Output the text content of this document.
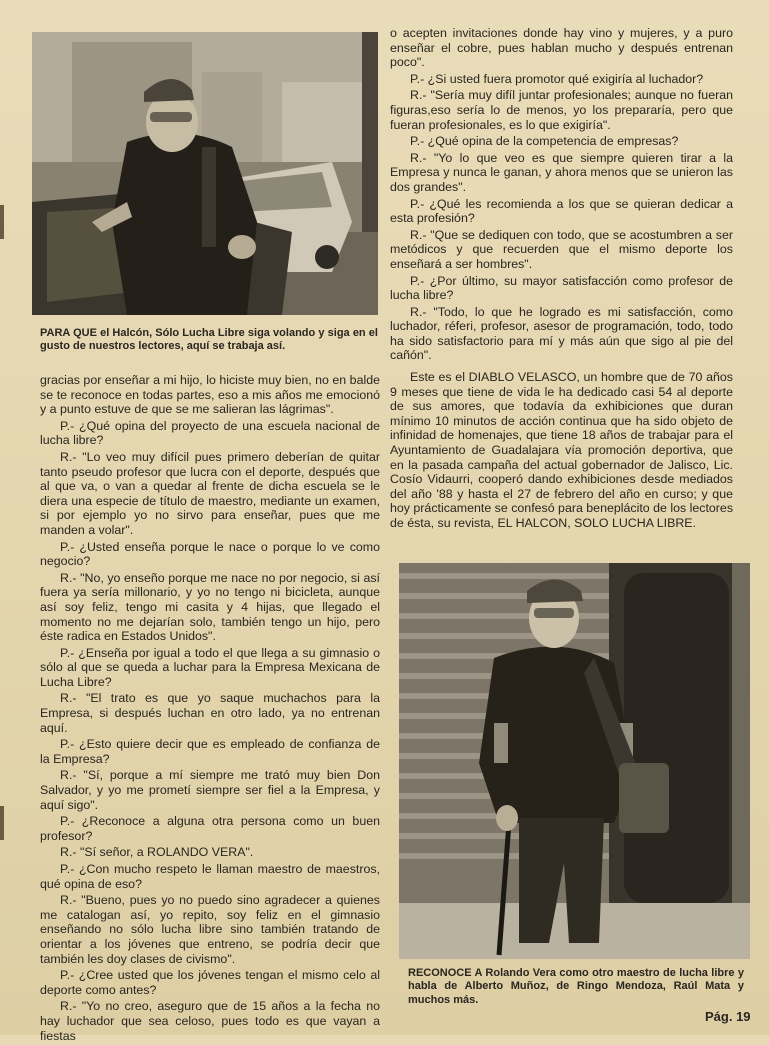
PARA QUE el Halcón, Sólo Lucha Libre siga volando y siga en el gusto de nuestros lectores, aquí se trabaja así.

gracias por enseñar a mi hijo, lo hiciste muy bien, no en balde se te reconoce en todas partes, eso a mis años me emocionó y a punto estuve de que se me salieran las lágrimas".

P.- ¿Qué opina del proyecto de una escuela nacional de lucha libre?

R.- "Lo veo muy difícil pues primero deberían de quitar tanto pseudo profesor que lucra con el deporte, después que al que va, o van a quedar al frente de dicha escuela se le diera una especie de título de maestro, mediante un examen, si por ejemplo yo no sirvo para enseñar, pues que me manden a volar".

P.- ¿Usted enseña porque le nace o porque lo ve como negocio?

R.- "No, yo enseño porque me nace no por negocio, si así fuera ya sería millonario, y yo no tengo ni bicicleta, aunque así soy feliz, tengo mi casita y 4 hijas, que llegado el momento no me dejarían solo, también tengo un hijo, pero éste radica en Estados Unidos".

P.- ¿Enseña por igual a todo el que llega a su gimnasio o sólo al que se queda a luchar para la Empresa Mexicana de Lucha Libre?

R.- "El trato es que yo saque muchachos para la Empresa, si después luchan en otro lado, ya no entrenan aquí.

P.- ¿Esto quiere decir que es empleado de confianza de la Empresa?

R.- "Sí, porque a mí siempre me trató muy bien Don Salvador, y yo me prometí siempre ser fiel a la Empresa, y aquí sigo".

P.- ¿Reconoce a alguna otra persona como un buen profesor?

R.- "Sí señor, a ROLANDO VERA".

P.- ¿Con mucho respeto le llaman maestro de maestros, qué opina de eso?

R.- "Bueno, pues yo no puedo sino agradecer a quienes me catalogan así, yo repito, soy feliz en el gimnasio enseñando no sólo lucha libre sino también tratando de orientar a los jóvenes que entreno, se podría decir que también les doy clases de civismo".

P.- ¿Cree usted que los jóvenes tengan el mismo celo al deporte como antes?

R.- "Yo no creo, aseguro que de 15 años a la fecha no hay luchador que sea celoso, pues todo es que vayan a fiestas

o acepten invitaciones donde hay vino y mujeres, y a puro enseñar el cobre, pues hablan mucho y después entrenan poco".

P.- ¿Si usted fuera promotor qué exigiría al luchador?

R.- "Sería muy difíl juntar profesionales; aunque no fueran figuras,eso sería lo de menos, yo los prepararía, pero que fueran profesionales, es lo que exigiría".

P.- ¿Qué opina de la competencia de empresas?

R.- "Yo lo que veo es que siempre quieren tirar a la Empresa y nunca le ganan, y ahora menos que se unieron las dos grandes".

P.- ¿Qué les recomienda a los que se quieran dedicar a esta profesión?

R.- "Que se dediquen con todo, que se acostumbren a ser metódicos y que recuerden que el mismo deporte los enseñará a ser hombres".

P.- ¿Por último, su mayor satisfacción como profesor de lucha libre?

R.- "Todo, lo que he logrado es mi satisfacción, como luchador, réferi, profesor, asesor de programación, todo, todo ha sido satisfactorio para mí y más aún que sigo al pie del cañón".

Este es el DIABLO VELASCO, un hombre que de 70 años 9 meses que tiene de vida le ha dedicado casi 54 al deporte de sus amores, que todavía da exhibiciones que duran mínimo 10 minutos de acción continua que ha sido objeto de infinidad de homenajes, que tiene 18 años de trabajar para el Ayuntamiento de Guadalajara vía promoción deportiva, que en la pasada campaña del actual gobernador de Jalisco, Lic. Cosío Vidaurri, cooperó dando exhibiciones desde mediados del año '88 y hasta el 27 de febrero del año en curso; y que hoy prácticamente se confesó para beneplácito de los lectores de ésta, su revista, EL HALCON, SOLO LUCHA LIBRE.

RECONOCE A Rolando Vera como otro maestro de lucha libre y habla de Alberto Muñoz, de Ringo Mendoza, Raúl Mata y muchos más.
Pág. 19
